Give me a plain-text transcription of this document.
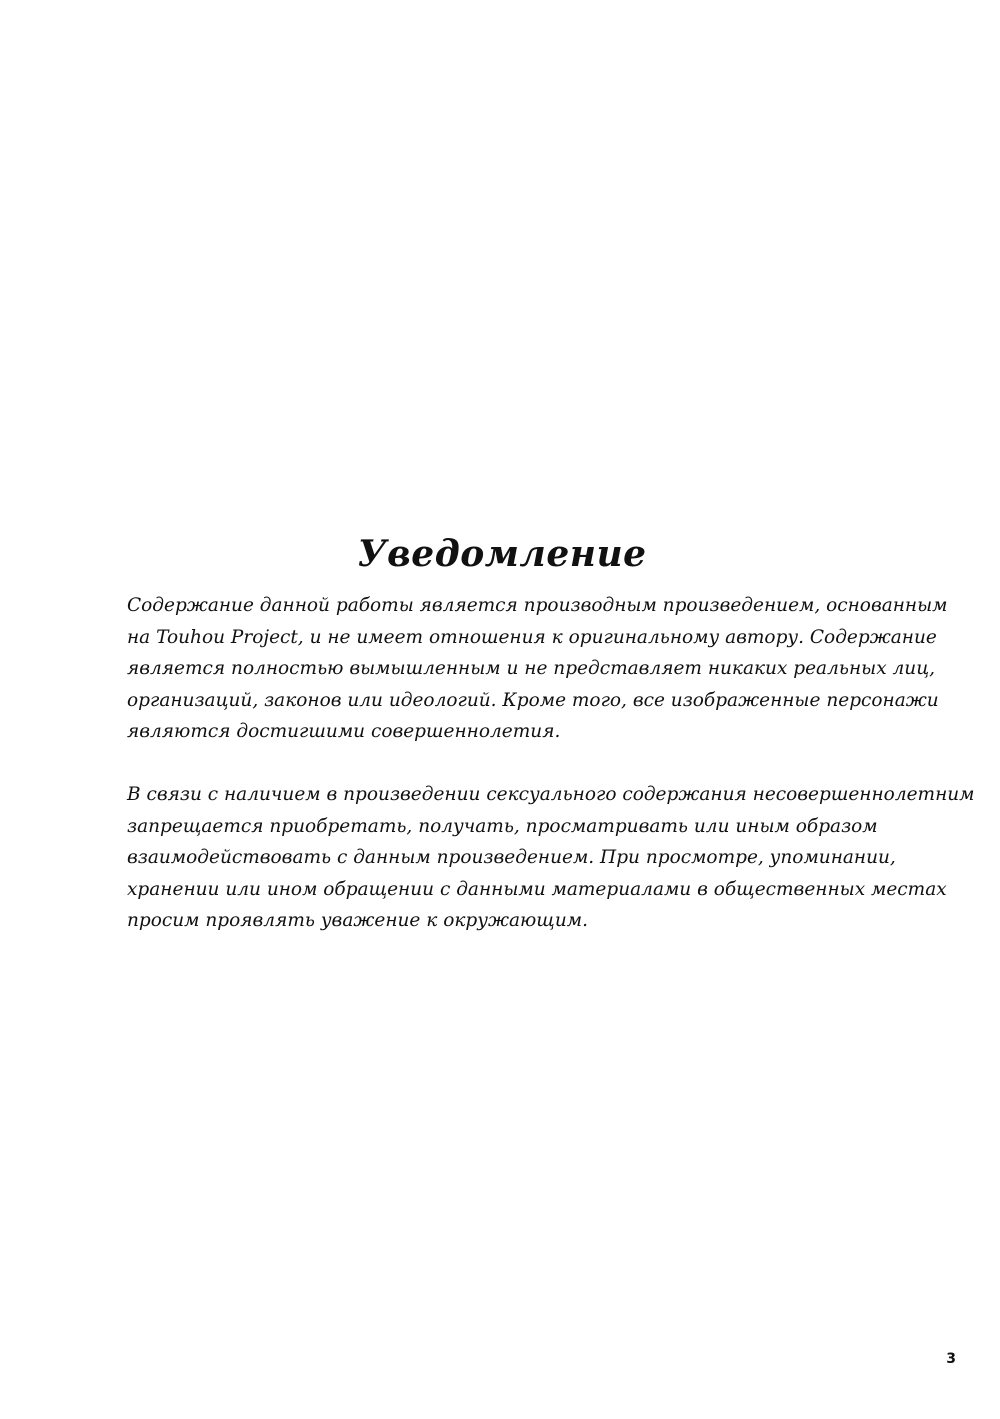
Уведомление

Содержание данной работы является производным произведением, основанным
на Touhou Project, и не имеет отношения к оригинальному автору. Содержание
является полностью вымышленным и не представляет никаких реальных лиц,
организаций, законов или идеологий. Кроме того, все изображенные персонажи
являются достигшими совершеннолетия.

В связи с наличием в произведении сексуального содержания несовершеннолетним
запрещается приобретать, получать, просматривать или иным образом
взаимодействовать с данным произведением. При просмотре, упоминании,
хранении или ином обращении с данными материалами в общественных местах
просим проявлять уважение к окружающим.

3
